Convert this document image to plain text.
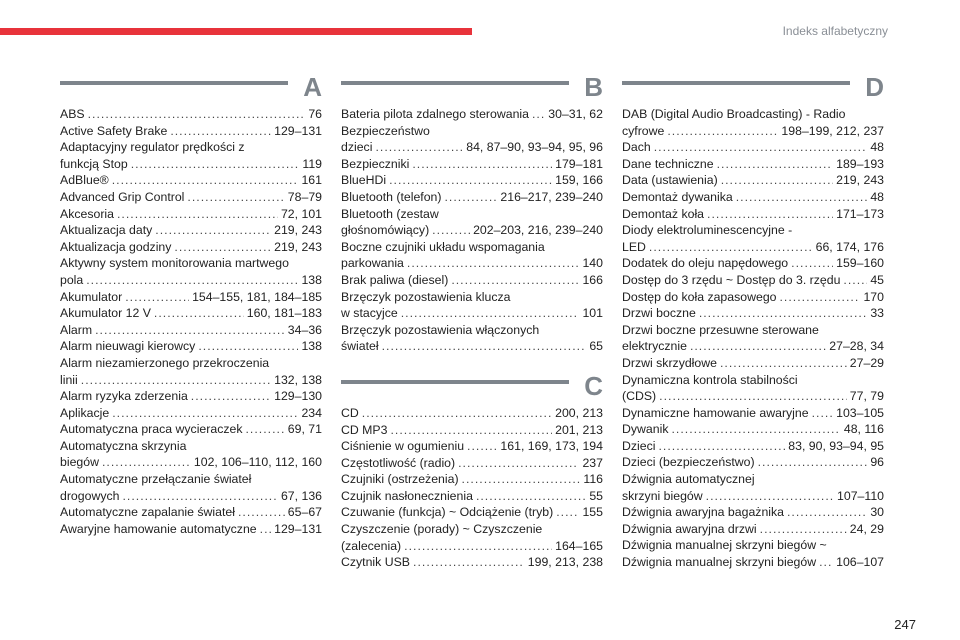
Indeks alfabetyczny
A
ABS . . .	76
Active Safety Brake . . .	129–131
Adaptacyjny regulator prędkości z
funkcją Stop . . .	119
AdBlue® . . .	161
Advanced Grip Control . . .	78–79
Akcesoria . . .	72, 101
Aktualizacja daty . . .	219, 243
Aktualizacja godziny . . .	219, 243
Aktywny system monitorowania martwego
pola . . .	138
Akumulator . . .	154–155, 181, 184–185
Akumulator 12 V . . .	160, 181–183
Alarm . . .	34–36
Alarm nieuwagi kierowcy . . .	138
Alarm niezamierzonego przekroczenia
linii . . .	132, 138
Alarm ryzyka zderzenia . . .	129–130
Aplikacje . . .	234
Automatyczna praca wycieraczek . . .	69, 71
Automatyczna skrzynia
biegów . . .	102, 106–110, 112, 160
Automatyczne przełączanie świateł
drogowych . . .	67, 136
Automatyczne zapalanie świateł . . .	65–67
Awaryjne hamowanie automatyczne . . . 129–131
B
Bateria pilota zdalnego sterowania . . . 30–31, 62
Bezpieczeństwo
dzieci . . .	84, 87–90, 93–94, 95, 96
Bezpieczniki . . .	179–181
BlueHDi . . .	159, 166
Bluetooth (telefon) . . .	216–217, 239–240
Bluetooth (zestaw
głośnomówiący) . . .	202–203, 216, 239–240
Boczne czujniki układu wspomagania
parkowania . . .	140
Brak paliwa (diesel) . . .	166
Brzęczyk pozostawienia klucza
w stacyjce . . .	101
Brzęczyk pozostawienia włączonych
świateł . . .	65
C
CD . . .	200, 213
CD MP3 . . .	201, 213
Ciśnienie w ogumieniu . . .	161, 169, 173, 194
Częstotliwość (radio) . . .	237
Czujniki (ostrzeżenia) . . .	116
Czujnik nasłonecznienia . . .	55
Czuwanie (funkcja) ~ Odciążenie (tryb) . . . 155
Czyszczenie (porady) ~ Czyszczenie
(zalecenia) . . .	164–165
Czytnik USB . . .	199, 213, 238
D
DAB (Digital Audio Broadcasting) - Radio
cyfrowe . . .	198–199, 212, 237
Dach . . .	48
Dane techniczne . . .	189–193
Data (ustawienia) . . .	219, 243
Demontaż dywanika . . .	48
Demontaż koła . . .	171–173
Diody elektroluminescencyjne -
LED . . .	66, 174, 176
Dodatek do oleju napędowego . . .	159–160
Dostęp do 3 rzędu ~ Dostęp do 3. rzędu . . . 45
Dostęp do koła zapasowego . . .	170
Drzwi boczne . . .	33
Drzwi boczne przesuwne sterowane
elektrycznie . . .	27–28, 34
Drzwi skrzydłowe . . .	27–29
Dynamiczna kontrola stabilności
(CDS) . . .	77, 79
Dynamiczne hamowanie awaryjne . . . 103–105
Dywanik . . .	48, 116
Dzieci . . .	83, 90, 93–94, 95
Dzieci (bezpieczeństwo) . . .	96
Dźwignia automatycznej
skrzyni biegów . . .	107–110
Dźwignia awaryjna bagażnika . . .	30
Dźwignia awaryjna drzwi . . .	24, 29
Dźwignia manualnej skrzyni biegów ~
Dźwignia manualnej skrzyni biegów . . . 106–107
247
